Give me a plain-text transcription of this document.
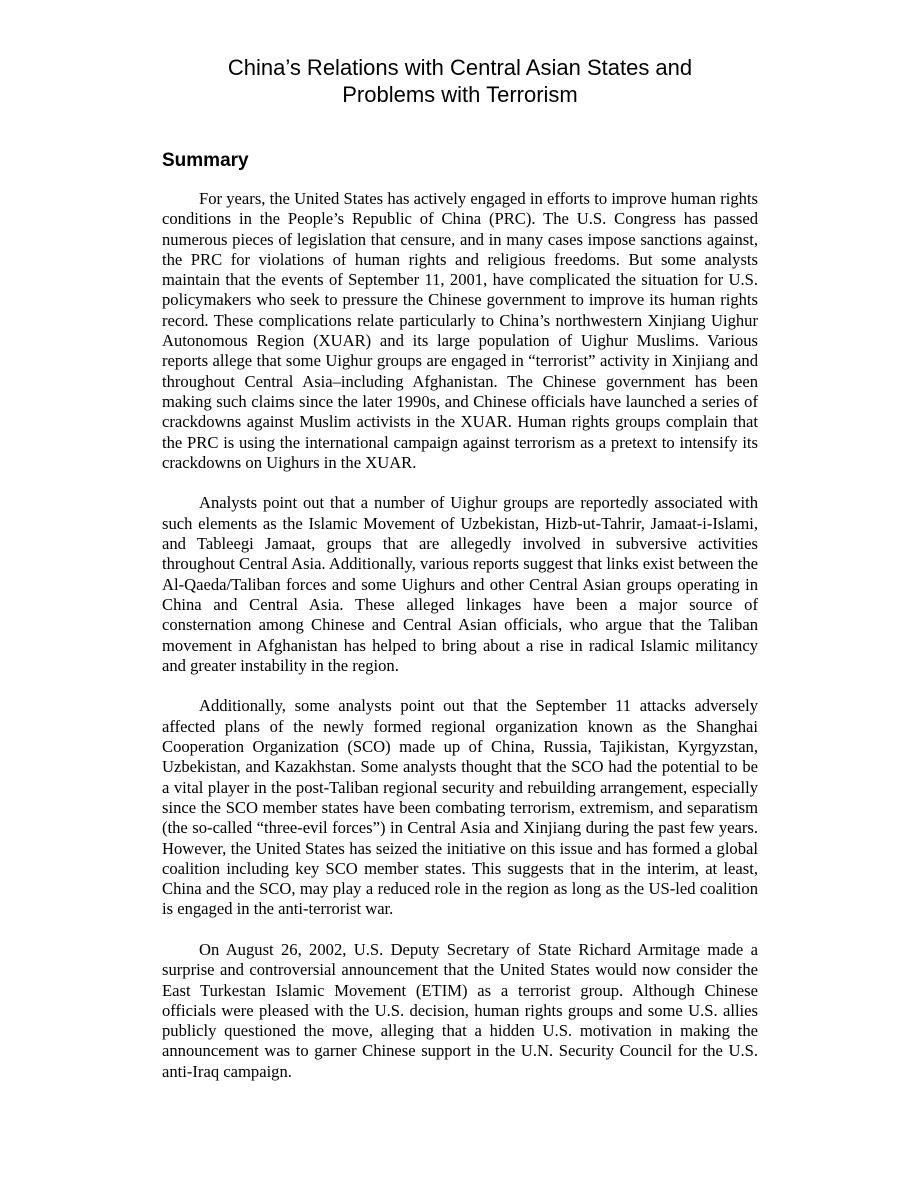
China’s Relations with Central Asian States and
Problems with Terrorism
Summary

For years, the United States has actively engaged in efforts to improve human rights conditions in the People’s Republic of China (PRC). The U.S. Congress has passed numerous pieces of legislation that censure, and in many cases impose sanctions against, the PRC for violations of human rights and religious freedoms. But some analysts maintain that the events of September 11, 2001, have complicated the situation for U.S. policymakers who seek to pressure the Chinese government to improve its human rights record. These complications relate particularly to China’s northwestern Xinjiang Uighur Autonomous Region (XUAR) and its large population of Uighur Muslims. Various reports allege that some Uighur groups are engaged in “terrorist” activity in Xinjiang and throughout Central Asia–including Afghanistan. The Chinese government has been making such claims since the later 1990s, and Chinese officials have launched a series of crackdowns against Muslim activists in the XUAR. Human rights groups complain that the PRC is using the international campaign against terrorism as a pretext to intensify its crackdowns on Uighurs in the XUAR.

Analysts point out that a number of Uighur groups are reportedly associated with such elements as the Islamic Movement of Uzbekistan, Hizb-ut-Tahrir, Jamaat-i-Islami, and Tableegi Jamaat, groups that are allegedly involved in subversive activities throughout Central Asia. Additionally, various reports suggest that links exist between the Al-Qaeda/Taliban forces and some Uighurs and other Central Asian groups operating in China and Central Asia. These alleged linkages have been a major source of consternation among Chinese and Central Asian officials, who argue that the Taliban movement in Afghanistan has helped to bring about a rise in radical Islamic militancy and greater instability in the region.

Additionally, some analysts point out that the September 11 attacks adversely affected plans of the newly formed regional organization known as the Shanghai Cooperation Organization (SCO) made up of China, Russia, Tajikistan, Kyrgyzstan, Uzbekistan, and Kazakhstan. Some analysts thought that the SCO had the potential to be a vital player in the post-Taliban regional security and rebuilding arrangement, especially since the SCO member states have been combating terrorism, extremism, and separatism (the so-called “three-evil forces”) in Central Asia and Xinjiang during the past few years. However, the United States has seized the initiative on this issue and has formed a global coalition including key SCO member states. This suggests that in the interim, at least, China and the SCO, may play a reduced role in the region as long as the US-led coalition is engaged in the anti-terrorist war.

On August 26, 2002, U.S. Deputy Secretary of State Richard Armitage made a surprise and controversial announcement that the United States would now consider the East Turkestan Islamic Movement (ETIM) as a terrorist group. Although Chinese officials were pleased with the U.S. decision, human rights groups and some U.S. allies publicly questioned the move, alleging that a hidden U.S. motivation in making the announcement was to garner Chinese support in the U.N. Security Council for the U.S. anti-Iraq campaign.
